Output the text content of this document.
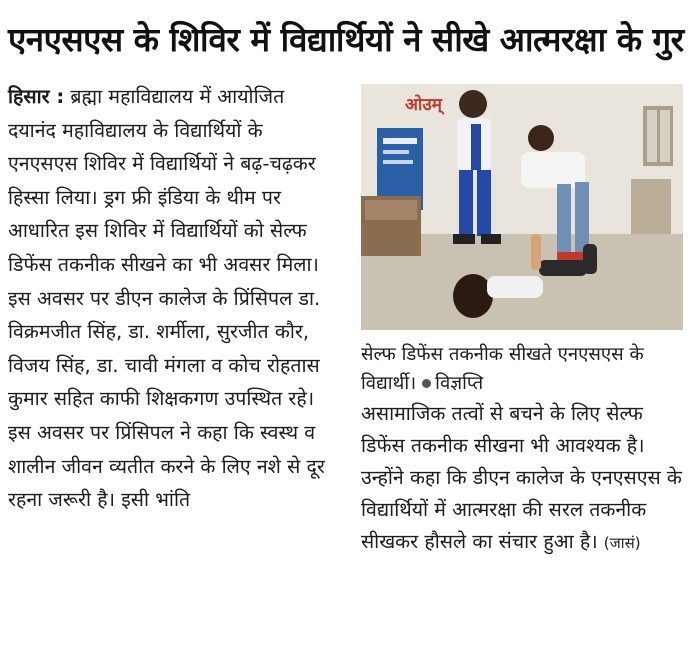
एनएसएस के शिविर में विद्यार्थियों ने सीखे आत्मरक्षा के गुर
हिसार : ब्रह्मा महाविद्यालय में आयोजित दयानंद महाविद्यालय के विद्यार्थियों के एनएसएस शिविर में विद्यार्थियों ने बढ़-चढ़कर हिस्सा लिया। ड्रग फ्री इंडिया के थीम पर आधारित इस शिविर में विद्यार्थियों को सेल्फ डिफेंस तकनीक सीखने का भी अवसर मिला। इस अवसर पर डीएन कालेज के प्रिंसिपल डा. विक्रमजीत सिंह, डा. शर्मीला, सुरजीत कौर, विजय सिंह, डा. चावी मंगला व कोच रोहतास कुमार सहित काफी शिक्षकगण उपस्थित रहे। इस अवसर पर प्रिंसिपल ने कहा कि स्वस्थ व शालीन जीवन व्यतीत करने के लिए नशे से दूर रहना जरूरी है। इसी भांति
ओउम्
सेल्फ डिफेंस तकनीक सीखते एनएसएस के विद्यार्थी। विज्ञप्ति
असामाजिक तत्वों से बचने के लिए सेल्फ डिफेंस तकनीक सीखना भी आवश्यक है। उन्होंने कहा कि डीएन कालेज के एनएसएस के विद्यार्थियों में आत्मरक्षा की सरल तकनीक सीखकर हौसले का संचार हुआ है। (जासं)
